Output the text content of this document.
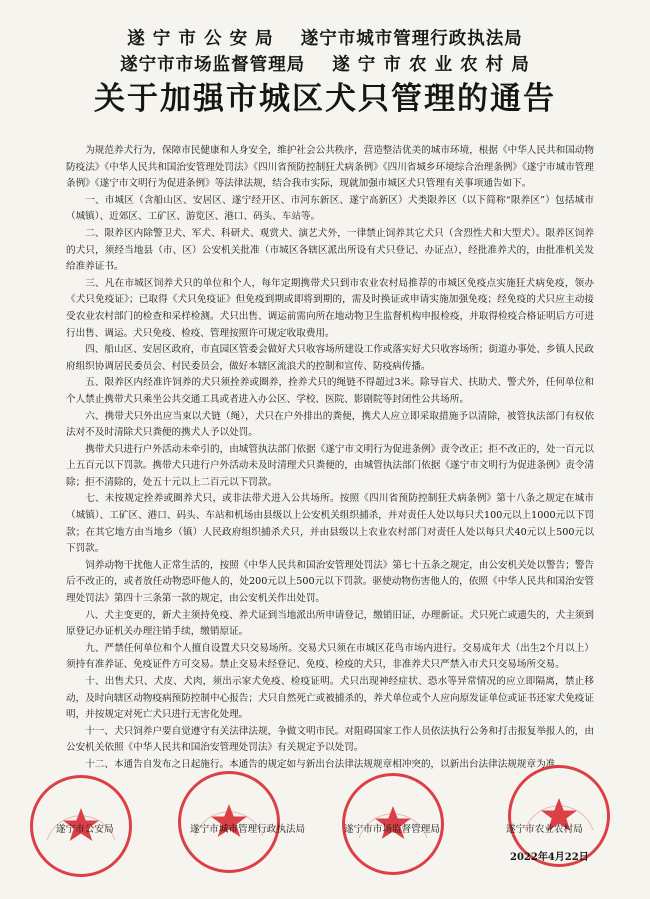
遂 宁 市 公 安 局 遂宁市城市管理行政执法局
遂宁市市场监督管理局 遂 宁 市 农 业 农 村 局
关于加强市城区犬只管理的通告

为规范养犬行为，保障市民健康和人身安全，维护社会公共秩序，营造整洁优美的城市环境，根据《中华人民共和国动物防疫法》《中华人民共和国治安管理处罚法》《四川省预防控制狂犬病条例》《四川省城乡环境综合治理条例》《遂宁市城市管理条例》《遂宁市文明行为促进条例》等法律法规，结合我市实际，现就加强市城区犬只管理有关事项通告如下。

一、市城区（含船山区、安居区、遂宁经开区、市河东新区、遂宁高新区）犬类限养区（以下简称“限养区”）包括城市（城镇）、近郊区、工矿区、游览区、港口、码头、车站等。

二、限养区内除警卫犬、军犬、科研犬、观赏犬、演艺犬外，一律禁止饲养其它犬只（含烈性犬和大型犬）。限养区饲养的犬只，须经当地县（市、区）公安机关批准（市城区各辖区派出所设有犬只登记、办证点），经批准养犬的，由批准机关发给准养证书。

三、凡在市城区饲养犬只的单位和个人，每年定期携带犬只到市农业农村局推荐的市城区免疫点实施狂犬病免疫，领办《犬只免疫证》；已取得《犬只免疫证》但免疫到期或即将到期的，需及时换证或申请实施加强免疫；经免疫的犬只应主动接受农业农村部门的检查和采样检测。犬只出售、调运前需向所在地动物卫生监督机构申报检疫，并取得检疫合格证明后方可进行出售、调运。犬只免疫、检疫、管理按照许可规定收取费用。

四、船山区、安居区政府，市直园区管委会做好犬只收容场所建设工作或落实好犬只收容场所；街道办事处、乡镇人民政府组织协调居民委员会、村民委员会，做好本辖区流浪犬的控制和宣传、防疫病传播。

五、限养区内经准许饲养的犬只须拴养或圈养，拴养犬只的绳链不得超过3米。除导盲犬、扶助犬、警犬外，任何单位和个人禁止携带犬只乘坐公共交通工具或者进入办公区、学校、医院、影剧院等封闭性公共场所。

六、携带犬只外出应当束以犬链（绳），犬只在户外排出的粪便，携犬人应立即采取措施予以清除，被管执法部门有权依法对不及时清除犬只粪便的携犬人予以处罚。

携带犬只进行户外活动未牵引的，由城管执法部门依据《遂宁市文明行为促进条例》责令改正；拒不改正的，处一百元以上五百元以下罚款。携带犬只进行户外活动未及时清理犬只粪便的，由城管执法部门依据《遂宁市文明行为促进条例》责令清除；拒不清除的，处五十元以上二百元以下罚款。

七、未按规定拴养或圈养犬只，或非法带犬进入公共场所。按照《四川省预防控制狂犬病条例》第十八条之规定在城市（城镇）、工矿区、港口、码头、车站和机场由县级以上公安机关组织捕杀，并对责任人处以每只犬100元以上1000元以下罚款；在其它地方由当地乡（镇）人民政府组织捕杀犬只，并由县级以上农业农村部门对责任人处以每只犬40元以上500元以下罚款。

饲养动物干扰他人正常生活的，按照《中华人民共和国治安管理处罚法》第七十五条之规定，由公安机关处以警告；警告后不改正的，或者放任动物恐吓他人的，处200元以上500元以下罚款。驱使动物伤害他人的，依照《中华人民共和国治安管理处罚法》第四十三条第一款的规定，由公安机关作出处罚。

八、犬主变更的，新犬主须持免疫、养犬证到当地派出所申请登记，缴销旧证，办理新证。犬只死亡或遗失的，犬主须到原登记办证机关办理注销手续，缴销原证。

九、严禁任何单位和个人擅自设置犬只交易场所。交易犬只须在市城区花鸟市场内进行。交易成年犬（出生2个月以上）须持有准养证、免疫证件方可交易。禁止交易未经登记、免疫、检疫的犬只，非准养犬只严禁入市犬只交易场所交易。

十、出售犬只、犬皮、犬肉，须出示家犬免疫、检疫证明。犬只出现神经症状、恐水等异常情况的应立即隔离，禁止移动，及时向辖区动物疫病预防控制中心报告；犬只自然死亡或被捕杀的，养犬单位或个人应向原发证单位或证书还家犬免疫证明，并按规定对死亡犬只进行无害化处理。

十一、犬只饲养户要自觉遵守有关法律法规，争做文明市民。对阻碍国家工作人员依法执行公务和打击报复举报人的，由公安机关依照《中华人民共和国治安管理处罚法》有关规定予以处罚。

十二、本通告自发布之日起施行。本通告的规定如与新出台法律法规规章相冲突的，以新出台法律法规规章为准。

遂宁市公安局	遂宁市城市管理行政执法局	遂宁市市场监督管理局	遂宁市农业农村局
2022年4月22日
